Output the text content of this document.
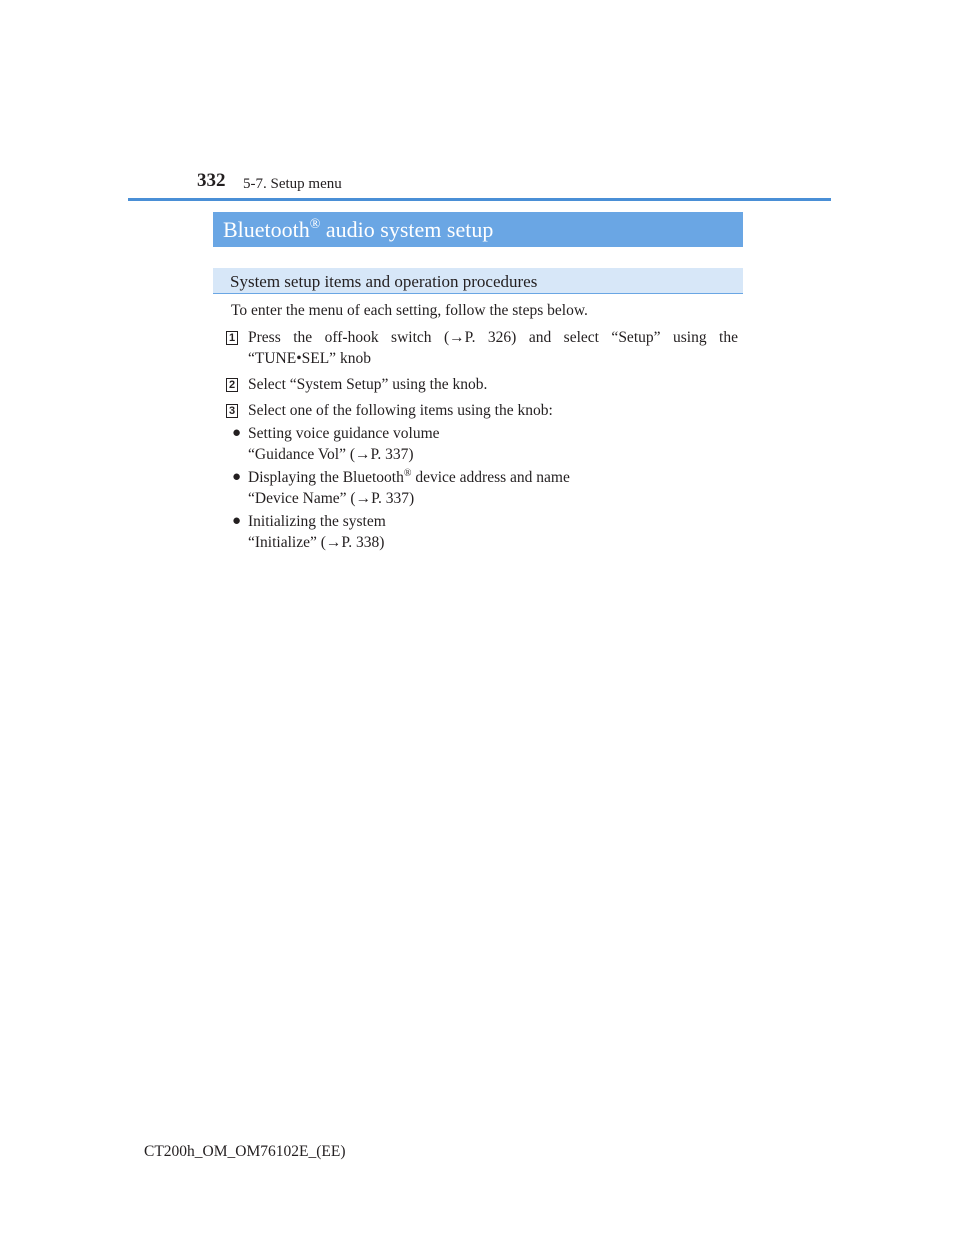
332 5-7. Setup menu
Bluetooth® audio system setup
System setup items and operation procedures
To enter the menu of each setting, follow the steps below.
1 Press the off-hook switch (→P. 326) and select “Setup” using the
“TUNE•SEL” knob
2 Select “System Setup” using the knob.
3 Select one of the following items using the knob:
● Setting voice guidance volume
“Guidance Vol” (→P. 337)
● Displaying the Bluetooth® device address and name
“Device Name” (→P. 337)
● Initializing the system
“Initialize” (→P. 338)
CT200h_OM_OM76102E_(EE)
